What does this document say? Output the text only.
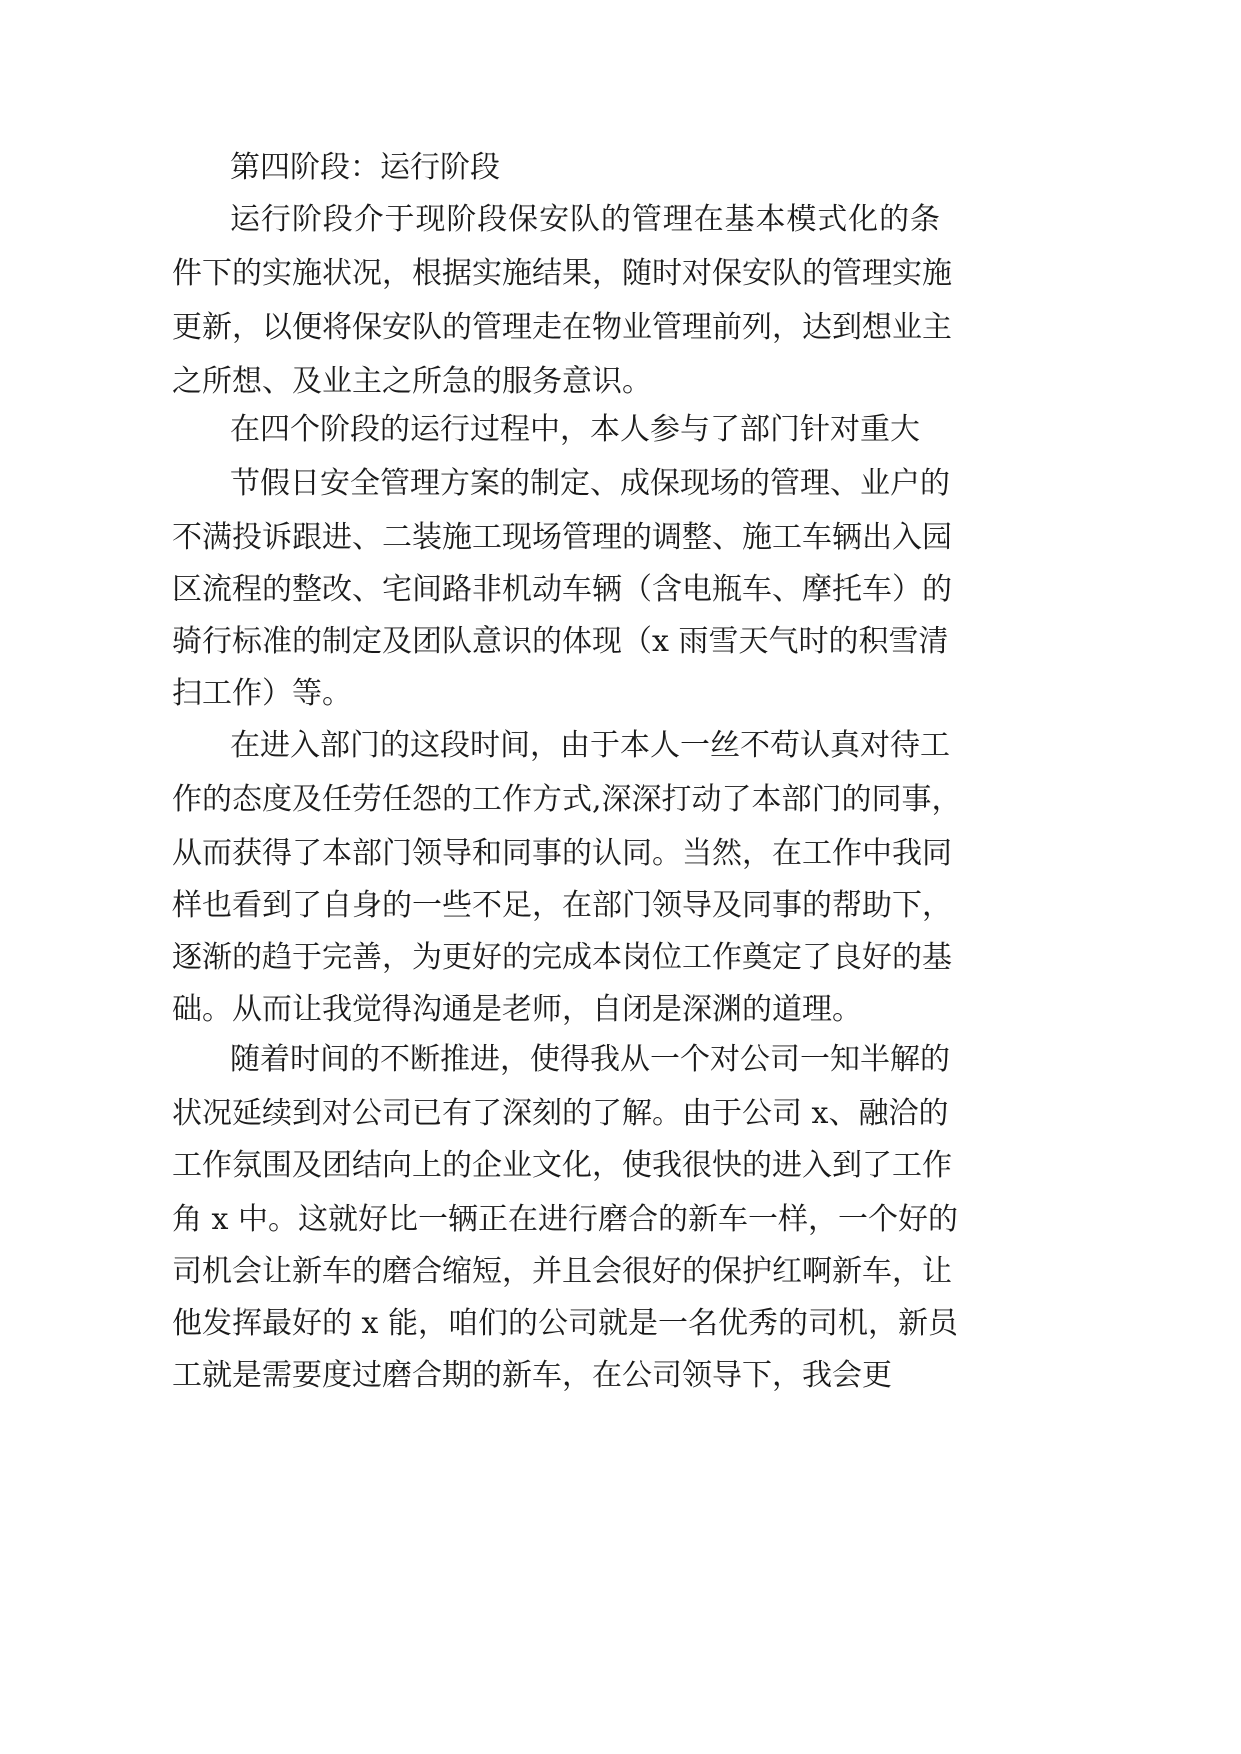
第四阶段：运行阶段
运行阶段介于现阶段保安队的管理在基本模式化的条
件下的实施状况，根据实施结果，随时对保安队的管理实施
更新，以便将保安队的管理走在物业管理前列，达到想业主
之所想、及业主之所急的服务意识。
在四个阶段的运行过程中，本人参与了部门针对重大
节假日安全管理方案的制定、成保现场的管理、业户的
不满投诉跟进、二装施工现场管理的调整、施工车辆出入园
区流程的整改、宅间路非机动车辆（含电瓶车、摩托车）的
骑行标准的制定及团队意识的体现（x 雨雪天气时的积雪清
扫工作）等。
在进入部门的这段时间，由于本人一丝不苟认真对待工
作的态度及任劳任怨的工作方式,深深打动了本部门的同事，
从而获得了本部门领导和同事的认同。当然，在工作中我同
样也看到了自身的一些不足，在部门领导及同事的帮助下，
逐渐的趋于完善，为更好的完成本岗位工作奠定了良好的基
础。从而让我觉得沟通是老师，自闭是深渊的道理。
随着时间的不断推进，使得我从一个对公司一知半解的
状况延续到对公司已有了深刻的了解。由于公司 x、融洽的
工作氛围及团结向上的企业文化，使我很快的进入到了工作
角 x 中。这就好比一辆正在进行磨合的新车一样，一个好的
司机会让新车的磨合缩短，并且会很好的保护红啊新车，让
他发挥最好的 x 能，咱们的公司就是一名优秀的司机，新员
工就是需要度过磨合期的新车，在公司领导下，我会更
